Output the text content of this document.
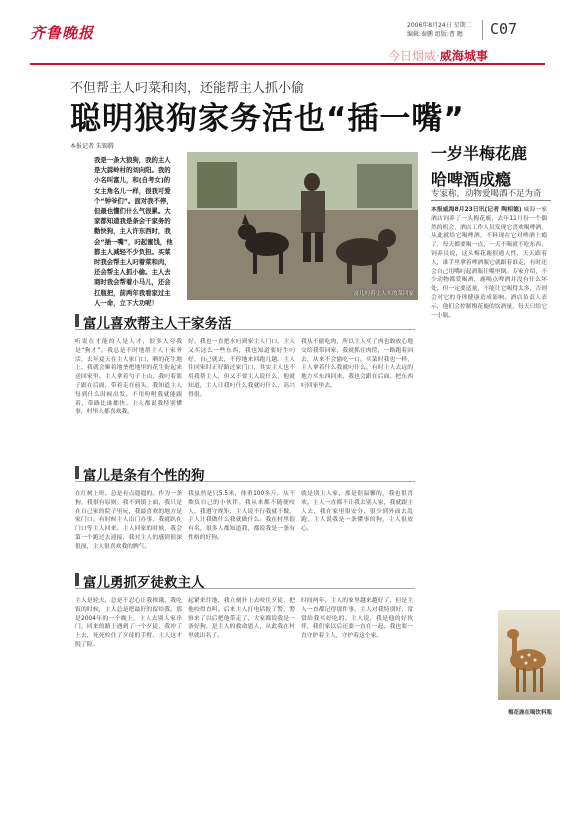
齐鲁晚报	2006年8月24日 星期二
编辑:秦鹏 组版:曹 瞻	C07
今日烟威·威海城事
不但帮主人叼菜和肉，还能帮主人抓小偷
聪明狼狗家务活也“插一嘴”
本报记者 朱锡腾
我是一条大狼狗，我的主人是大蒜岭村的刘向阳。我的小名叫富儿，和(自考女)的女主角名儿一样，很我可爱个“钟爷们”。面对我不停，但最也懂们什么气很累。大家都知道我是条会干家务的勤快狗，主人许东西时，我会“插一嘴”，叼起蜜饯，他都主人减轻不少负担。买菜时我会帮主人叼着菜和肉，还会帮主人抓小偷。主人去商时我会帮着小马儿，还会扛瓶把，前两年我看家过主人一命，立下大功呢！
富儿叼着主人买的菜回家
富儿喜欢帮主人干家务活
听说在才能的人是人才，很多人夸我是“狗才”。我总是不时地帮主人干家务活，去年夏天在主人家门口，晒的花生地上，我就会顺着地垄把地里的花生衔起来送回家里。主人拿着勺子上山，我叼着篮子跟在后面，带着走在前头。我知道主人每到什么时候出发。不用吩咐我就能跟着，带路比谁都快。主人都说我特别懂事，村里人都喜欢我。
好。我也一直把水叼到家主人门口。主人又买这么一些东西，我也知道要好生叼好，自己就去，不停地来回跑几趟。主人往回家时正好路过家门口，其实主人也不用我帮主人，但又不要主人说什么，他就知道，主人让我叼什么我就叼什么，高兴得很。
我从不偷吃肉，所以主人买了肉也敢放心地交给我带回家，我就抓住肉筐，一路跑着回去，从来不会偷吃一口。买菜时我也一样，主人拿着什么我就叼什么。有时主人去远的地方买东西回来，我也会跟在后面，把东西叼回家里去。
富儿是条有个性的狗
在红树上班，总是有点遛遛的。作为一条狗，我很有原则。我不到镇上面，我只是在自己家的院子里玩，我最喜欢的地方是家门口。有时候主人出门办事，我就趴在门口等主人回来。主人回家的时候，我会第一个跑过去迎接，我对主人的感情很深很深，主人很喜欢我的脾气。
我虽然是只5.5米，体重100多斤，从不欺负自己的小伙伴。我从来都不随便咬人，我遵守规矩，主人说不行我就不做，主人让我做什么我就做什么。我在村里很有名，很多人都知道我，都说我是一条有性格的好狗。
就是别主人家，那是很温馨的，我也很喜欢。主人一直都不让我去别人家，我就跟主人去，我在家里很安分，很少到外面去乱跑，主人说我是一条懂事的狗，主人很放心。
富儿勇抓歹徒救主人
主人是轮夫，总是不忍心让我挨饿，我吃饭的时候，主人总是把最好的留给我。那是2004年的一个晚上，主人去别人家串门，回来的路上遇到了一个歹徒，我冲了上去，死死咬住了歹徒的手臂，主人这才脱了险。
起紧来往地，我立刻扑上去咬住歹徒，把他咬得直叫。后来主人打电话报了警，警察来了以后把他带走了，大家都说我是一条好狗，是主人的救命恩人，从此我在村里就出名了。
时间两年，主人的家里越来越好了，但是主人一直都记得那件事，主人对我特别好，常常给我买好吃的。主人说，我是他的好伙伴，我们家以后还要一直在一起，我也要一直守护着主人，守护着这个家。
一岁半梅花鹿
哈啤酒成瘾
专家称，动物爱喝酒不足为奇
本报威海8月23日讯(记者 陶相德) 威海一家酒店饲养了一头梅花鹿，去年11月份一个偶然的机会，酒店工作人员发现它喜欢喝啤酒，从此就给它喝啤酒，不料现在它对啤酒上瘾了，每天都要喝一点，一天不喝就不吃东西，饲养员说，这头梅花鹿很通人性，天天跟着人，谁手里拿着啤酒瓶它就跟着谁走，有时还会自己用嘴叼起酒瓶往嘴里倒。专家介绍，不少动物都爱喝酒，鹿喝点啤酒并没有什么坏处，但一定要适量，不能让它喝得太多，否则会对它的身体健康造成影响。酒店负责人表示，他们会控制梅花鹿的饮酒量，每天只给它一小瓶。
梅花鹿在喝饮料瓶
